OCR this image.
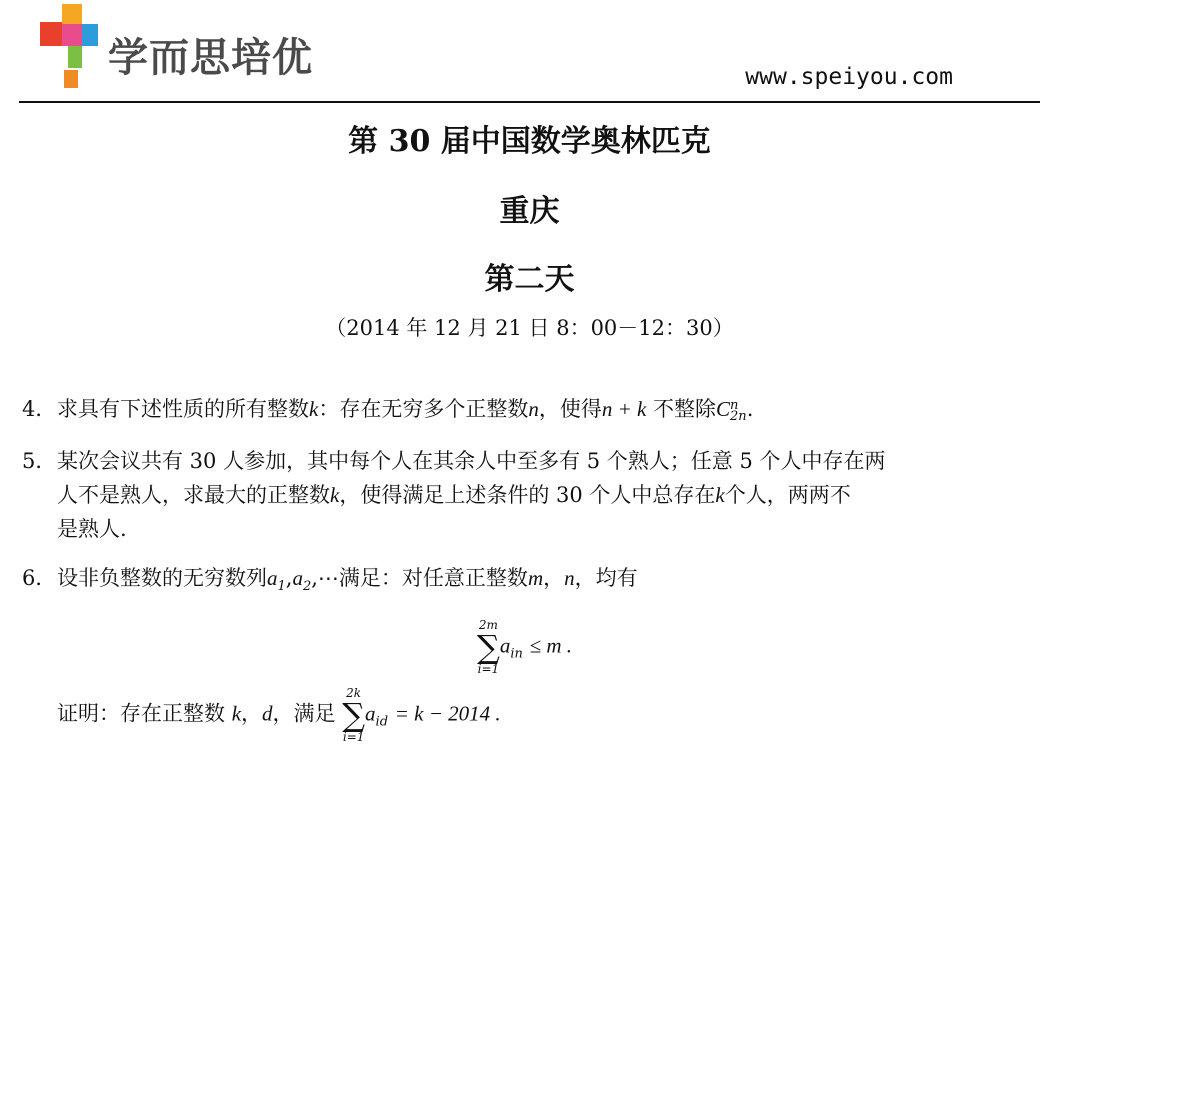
学而思培优	www.speiyou.com
第 30 届中国数学奥林匹克
重庆
第二天
（2014 年 12 月 21 日 8：00－12：30）
4．求具有下述性质的所有整数k：存在无穷多个正整数n，使得n + k 不整除C n
2n .
5．某次会议共有 30 人参加，其中每个人在其余人中至多有 5 个熟人；任意 5 个人中存在两
人不是熟人，求最大的正整数k，使得满足上述条件的 30 个人中总存在k个人，两两不
是熟人.
6．设非负整数的无穷数列$a_1,a_2,\cdots$满足：对任意正整数m，n，均有
2m
∑
i=1
$a_{in} \le m$ .
证明：存在正整数 k，d，满足
2k
∑
i=1
$a_{id} = k - 2014$ .
